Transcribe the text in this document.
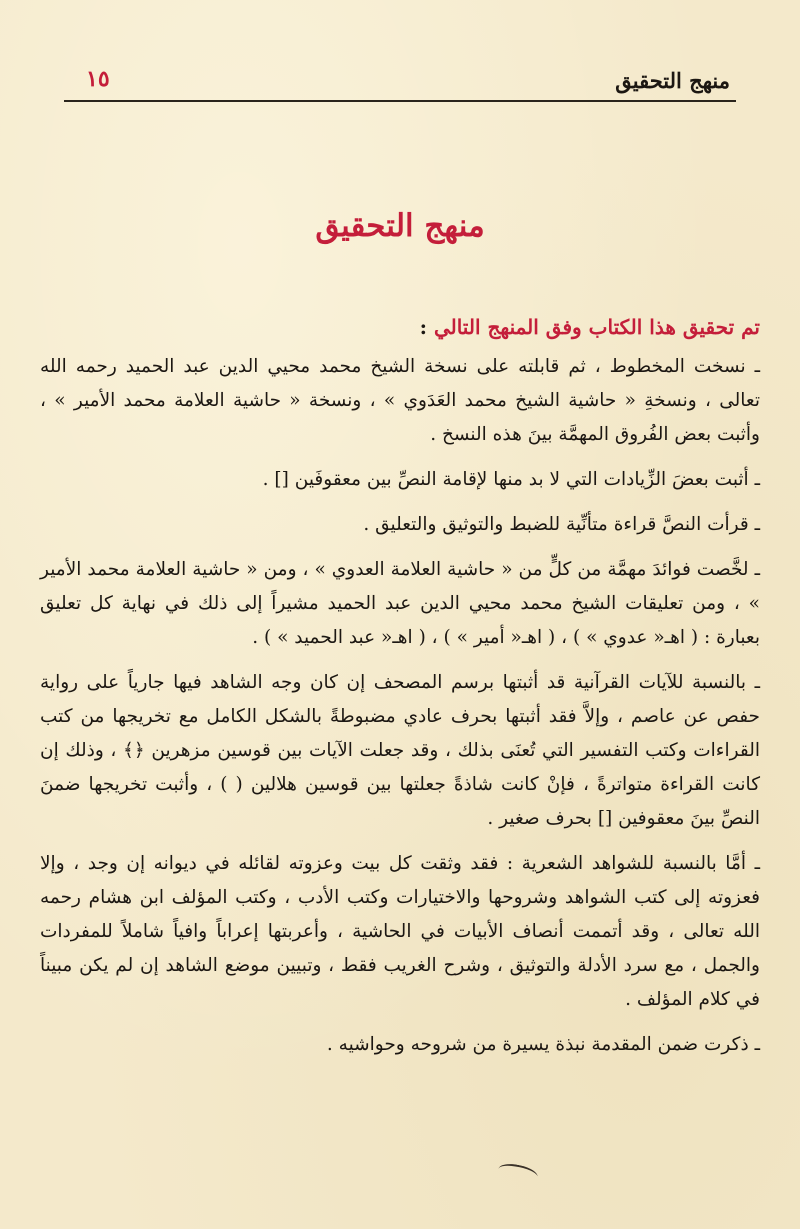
منهج التحقيق
١٥
منهج التحقيق
تم تحقيق هذا الكتاب وفق المنهج التالي :

ـ نسخت المخطوط ، ثم قابلته على نسخة الشيخ محمد محيي الدين عبد الحميد رحمه الله تعالى ، ونسخةِ « حاشية الشيخ محمد العَدَوي » ، ونسخة « حاشية العلامة محمد الأمير » ، وأثبت بعض الفُروق المهمَّة بينَ هذه النسخ .

ـ أثبت بعضَ الزِّيادات التي لا بد منها لإقامة النصِّ بين معقوفَين [] .

ـ قرأت النصَّ قراءة متأنِّية للضبط والتوثيق والتعليق .

ـ لخَّصت فوائدَ مهمَّة من كلٍّ من « حاشية العلامة العدوي » ، ومن « حاشية العلامة محمد الأمير » ، ومن تعليقات الشيخ محمد محيي الدين عبد الحميد مشيراً إلى ذلك في نهاية كل تعليق بعبارة : ( اهـ« عدوي » ) ، ( اهـ« أمير » ) ، ( اهـ« عبد الحميد » ) .

ـ بالنسبة للآيات القرآنية قد أثبتها برسم المصحف إن كان وجه الشاهد فيها جارياً على رواية حفص عن عاصم ، وإلاَّ فقد أثبتها بحرف عادي مضبوطةً بالشكل الكامل مع تخريجها من كتب القراءات وكتب التفسير التي تُعنَى بذلك ، وقد جعلت الآيات بين قوسين مزهرين ﴿﴾ ، وذلك إن كانت القراءة متواترةً ، فإنْ كانت شاذةً جعلتها بين قوسين هلالين ( ) ، وأثبت تخريجها ضمنَ النصِّ بينَ معقوفين [] بحرف صغير .

ـ أمَّا بالنسبة للشواهد الشعرية : فقد وثقت كل بيت وعزوته لقائله في ديوانه إن وجد ، وإلا فعزوته إلى كتب الشواهد وشروحها والاختيارات وكتب الأدب ، وكتب المؤلف ابن هشام رحمه الله تعالى ، وقد أتممت أنصاف الأبيات في الحاشية ، وأعربتها إعراباً وافياً شاملاً للمفردات والجمل ، مع سرد الأدلة والتوثيق ، وشرح الغريب فقط ، وتبيين موضع الشاهد إن لم يكن مبيناً في كلام المؤلف .

ـ ذكرت ضمن المقدمة نبذة يسيرة من شروحه وحواشيه .
